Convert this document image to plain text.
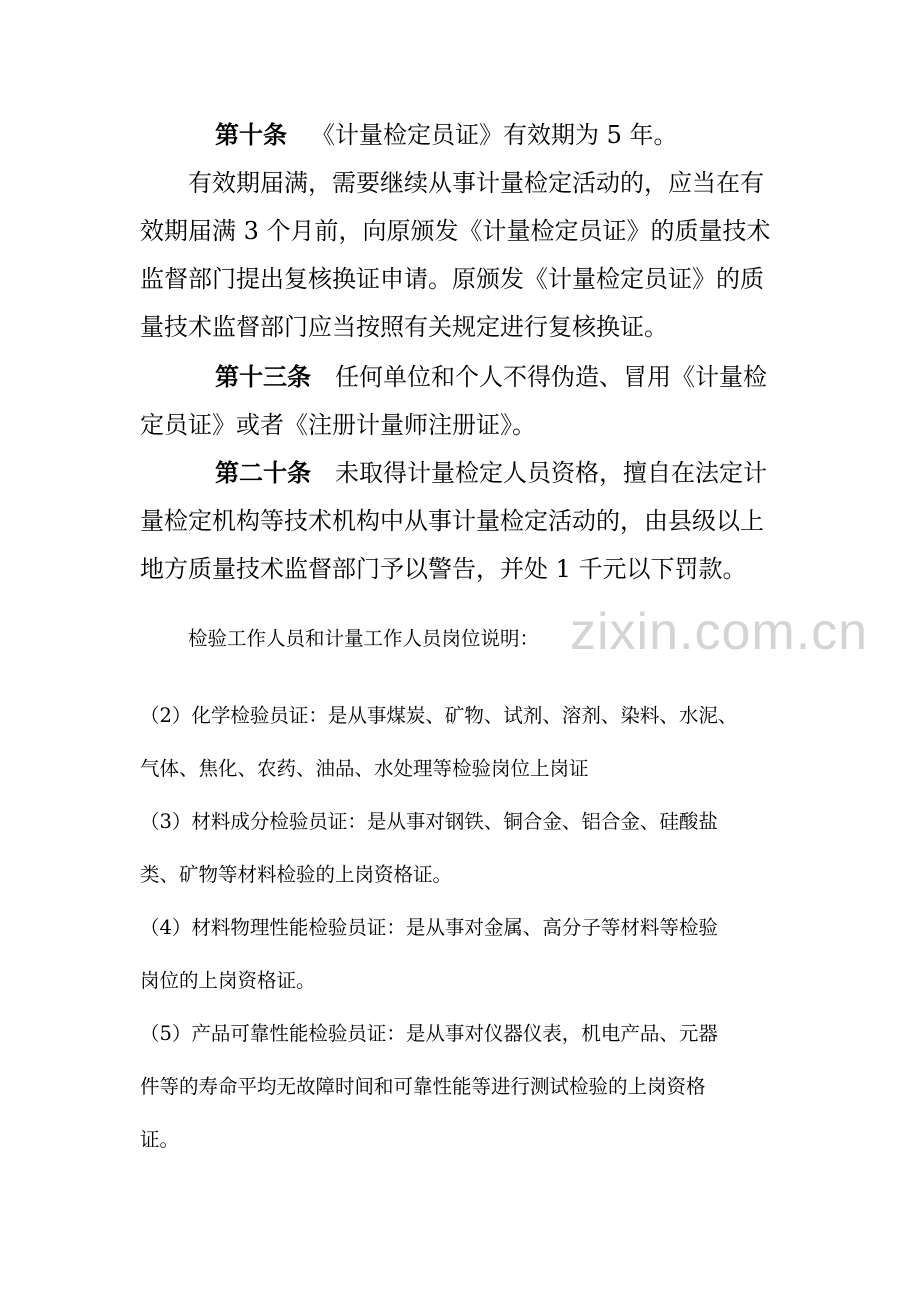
第十条 《计量检定员证》有效期为 5 年。
有效期届满，需要继续从事计量检定活动的，应当在有
效期届满 3 个月前，向原颁发《计量检定员证》的质量技术
监督部门提出复核换证申请。原颁发《计量检定员证》的质
量技术监督部门应当按照有关规定进行复核换证。
第十三条 任何单位和个人不得伪造、冒用《计量检
定员证》或者《注册计量师注册证》。
第二十条 未取得计量检定人员资格，擅自在法定计
量检定机构等技术机构中从事计量检定活动的，由县级以上
地方质量技术监督部门予以警告，并处 1 千元以下罚款。
zixin.com.cn
检验工作人员和计量工作人员岗位说明：
（2）化学检验员证：是从事煤炭、矿物、试剂、溶剂、染料、水泥、
气体、焦化、农药、油品、水处理等检验岗位上岗证
（3）材料成分检验员证：是从事对钢铁、铜合金、铝合金、硅酸盐
类、矿物等材料检验的上岗资格证。
（4）材料物理性能检验员证：是从事对金属、高分子等材料等检验
岗位的上岗资格证。
（5）产品可靠性能检验员证：是从事对仪器仪表，机电产品、元器
件等的寿命平均无故障时间和可靠性能等进行测试检验的上岗资格
证。
